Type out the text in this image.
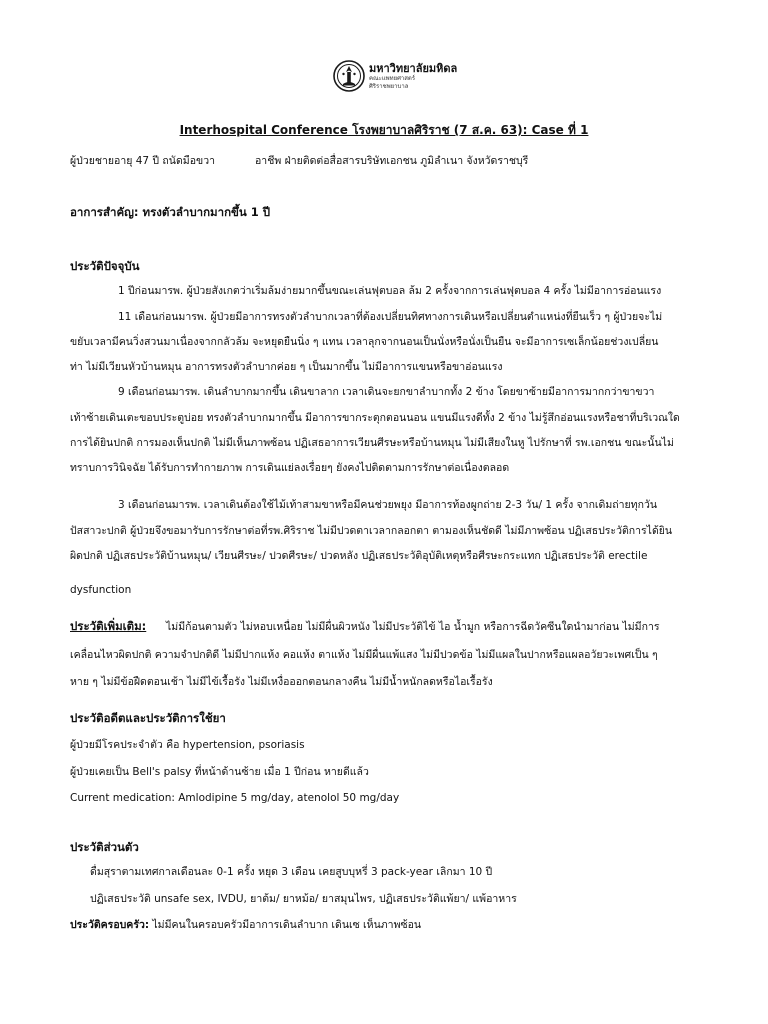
มหาวิทยาลัยมหิดล
คณะแพทยศาสตร์
ศิริราชพยาบาล
Interhospital Conference โรงพยาบาลศิริราช (7 ส.ค. 63): Case ที่ 1
ผู้ป่วยชายอายุ 47 ปี ถนัดมือขวา	อาชีพ ฝ่ายติดต่อสื่อสารบริษัทเอกชน ภูมิลำเนา จังหวัดราชบุรี
อาการสำคัญ: ทรงตัวลำบากมากขึ้น 1 ปี
ประวัติปัจจุบัน
1 ปีก่อนมารพ. ผู้ป่วยสังเกตว่าเริ่มล้มง่ายมากขึ้นขณะเล่นฟุตบอล ล้ม 2 ครั้งจากการเล่นฟุตบอล 4 ครั้ง ไม่มีอาการอ่อนแรง
11 เดือนก่อนมารพ. ผู้ป่วยมีอาการทรงตัวลำบากเวลาที่ต้องเปลี่ยนทิศทางการเดินหรือเปลี่ยนตำแหน่งที่ยืนเร็ว ๆ ผู้ป่วยจะไม่
ขยับเวลามีคนวิ่งสวนมาเนื่องจากกลัวล้ม จะหยุดยืนนิ่ง ๆ แทน เวลาลุกจากนอนเป็นนั่งหรือนั่งเป็นยืน จะมีอาการเซเล็กน้อยช่วงเปลี่ยน
ท่า ไม่มีเวียนหัวบ้านหมุน อาการทรงตัวลำบากค่อย ๆ เป็นมากขึ้น ไม่มีอาการแขนหรือขาอ่อนแรง
9 เดือนก่อนมารพ. เดินลำบากมากขึ้น เดินขาลาก เวลาเดินจะยกขาลำบากทั้ง 2 ข้าง โดยขาซ้ายมีอาการมากกว่าขาขวา
เท้าซ้ายเดินเตะขอบประตูบ่อย ทรงตัวลำบากมากขึ้น มีอาการขากระตุกตอนนอน แขนมีแรงดีทั้ง 2 ข้าง ไม่รู้สึกอ่อนแรงหรือชาที่บริเวณใด
การได้ยินปกติ การมองเห็นปกติ ไม่มีเห็นภาพซ้อน ปฏิเสธอาการเวียนศีรษะหรือบ้านหมุน ไม่มีเสียงในหู ไปรักษาที่ รพ.เอกชน ขณะนั้นไม่
ทราบการวินิจฉัย ได้รับการทำกายภาพ การเดินแย่ลงเรื่อยๆ ยังคงไปติดตามการรักษาต่อเนื่องตลอด
3 เดือนก่อนมารพ. เวลาเดินต้องใช้ไม้เท้าสามขาหรือมีคนช่วยพยุง มีอาการท้องผูกถ่าย 2-3 วัน/ 1 ครั้ง จากเดิมถ่ายทุกวัน
ปัสสาวะปกติ ผู้ป่วยจึงขอมารับการรักษาต่อที่รพ.ศิริราช ไม่มีปวดตาเวลากลอกตา ตามองเห็นชัดดี ไม่มีภาพซ้อน ปฏิเสธประวัติการได้ยิน
ผิดปกติ ปฏิเสธประวัติบ้านหมุน/ เวียนศีรษะ/ ปวดศีรษะ/ ปวดหลัง ปฏิเสธประวัติอุบัติเหตุหรือศีรษะกระแทก ปฏิเสธประวัติ erectile
dysfunction
ประวัติเพิ่มเติม: ไม่มีก้อนตามตัว ไม่หอบเหนื่อย ไม่มีผื่นผิวหนัง ไม่มีประวัติไข้ ไอ น้ำมูก หรือการฉีดวัคซีนใดนำมาก่อน ไม่มีการ
เคลื่อนไหวผิดปกติ ความจำปกติดี ไม่มีปากแห้ง คอแห้ง ตาแห้ง ไม่มีผื่นแพ้แสง ไม่มีปวดข้อ ไม่มีแผลในปากหรือแผลอวัยวะเพศเป็น ๆ
หาย ๆ ไม่มีข้อฝืดตอนเช้า ไม่มีไข้เรื้อรัง ไม่มีเหงื่อออกตอนกลางคืน ไม่มีน้ำหนักลดหรือไอเรื้อรัง
ประวัติอดีตและประวัติการใช้ยา
ผู้ป่วยมีโรคประจำตัว คือ hypertension, psoriasis
ผู้ป่วยเคยเป็น Bell's palsy ที่หน้าด้านซ้าย เมื่อ 1 ปีก่อน หายดีแล้ว
Current medication: Amlodipine 5 mg/day, atenolol 50 mg/day
ประวัติส่วนตัว
ดื่มสุราตามเทศกาลเดือนละ 0-1 ครั้ง หยุด 3 เดือน เคยสูบบุหรี่ 3 pack-year เลิกมา 10 ปี
ปฏิเสธประวัติ unsafe sex, IVDU, ยาต้ม/ ยาหม้อ/ ยาสมุนไพร, ปฏิเสธประวัติแพ้ยา/ แพ้อาหาร
ประวัติครอบครัว: ไม่มีคนในครอบครัวมีอาการเดินลำบาก เดินเซ เห็นภาพซ้อน
